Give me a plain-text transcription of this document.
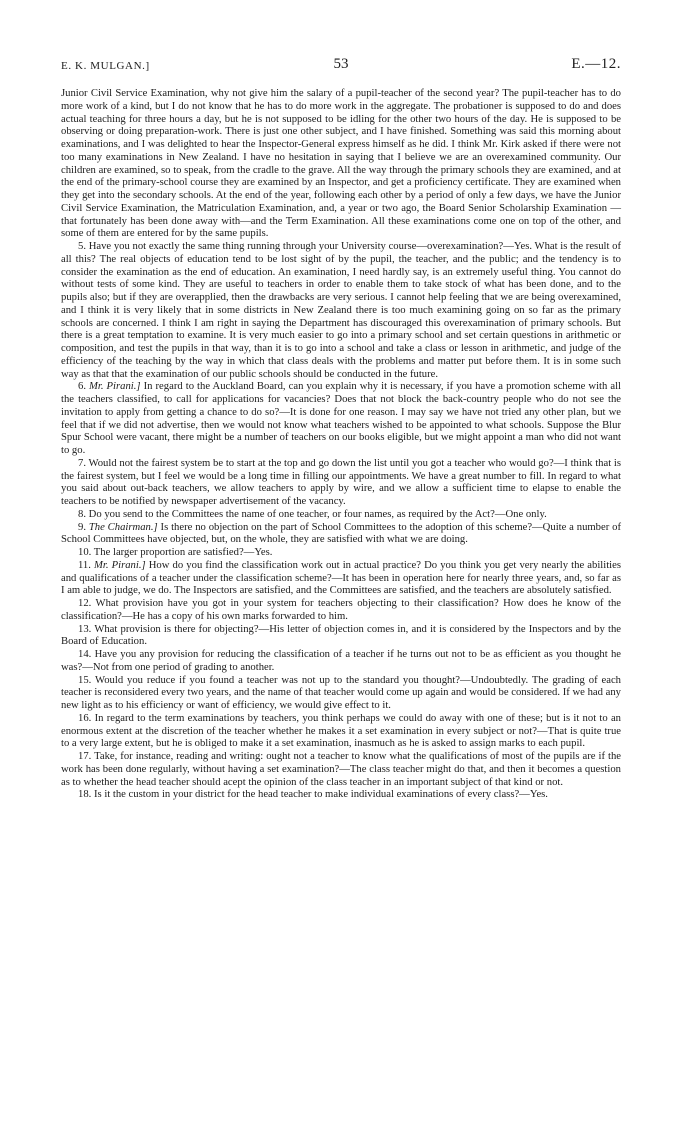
E. K. MULGAN.]	53	E.—12.

Junior Civil Service Examination, why not give him the salary of a pupil-teacher of the second year? The pupil-teacher has to do more work of a kind, but I do not know that he has to do more work in the aggregate. The probationer is supposed to do and does actual teaching for three hours a day, but he is not supposed to be idling for the other two hours of the day. He is supposed to be observing or doing preparation-work. There is just one other subject, and I have finished. Something was said this morning about examinations, and I was delighted to hear the Inspector-General express himself as he did. I think Mr. Kirk asked if there were not too many examinations in New Zealand. I have no hesitation in saying that I believe we are an overexamined community. Our children are examined, so to speak, from the cradle to the grave. All the way through the primary schools they are examined, and at the end of the primary-school course they are examined by an Inspector, and get a proficiency certificate. They are examined when they get into the secondary schools. At the end of the year, following each other by a period of only a few days, we have the Junior Civil Service Examination, the Matriculation Examination, and, a year or two ago, the Board Senior Scholarship Examination —that fortunately has been done away with—and the Term Examination. All these examinations come one on top of the other, and some of them are entered for by the same pupils.

5. Have you not exactly the same thing running through your University course—overexamination?—Yes. What is the result of all this? The real objects of education tend to be lost sight of by the pupil, the teacher, and the public; and the tendency is to consider the examination as the end of education. An examination, I need hardly say, is an extremely useful thing. You cannot do without tests of some kind. They are useful to teachers in order to enable them to take stock of what has been done, and to the pupils also; but if they are overapplied, then the drawbacks are very serious. I cannot help feeling that we are being overexamined, and I think it is very likely that in some districts in New Zealand there is too much examining going on so far as the primary schools are concerned. I think I am right in saying the Department has discouraged this overexamination of primary schools. But there is a great temptation to examine. It is very much easier to go into a primary school and set certain questions in arithmetic or composition, and test the pupils in that way, than it is to go into a school and take a class or lesson in arithmetic, and judge of the efficiency of the teaching by the way in which that class deals with the problems and matter put before them. It is in some such way as that that the examination of our public schools should be conducted in the future.

6. Mr. Pirani.] In regard to the Auckland Board, can you explain why it is necessary, if you have a promotion scheme with all the teachers classified, to call for applications for vacancies? Does that not block the back-country people who do not see the invitation to apply from getting a chance to do so?—It is done for one reason. I may say we have not tried any other plan, but we feel that if we did not advertise, then we would not know what teachers wished to be appointed to what schools. Suppose the Blur Spur School were vacant, there might be a number of teachers on our books eligible, but we might appoint a man who did not want to go.

7. Would not the fairest system be to start at the top and go down the list until you got a teacher who would go?—I think that is the fairest system, but I feel we would be a long time in filling our appointments. We have a great number to fill. In regard to what you said about out-back teachers, we allow teachers to apply by wire, and we allow a sufficient time to elapse to enable the teachers to be notified by newspaper advertisement of the vacancy.

8. Do you send to the Committees the name of one teacher, or four names, as required by the Act?—One only.

9. The Chairman.] Is there no objection on the part of School Committees to the adoption of this scheme?—Quite a number of School Committees have objected, but, on the whole, they are satisfied with what we are doing.

10. The larger proportion are satisfied?—Yes.

11. Mr. Pirani.] How do you find the classification work out in actual practice? Do you think you get very nearly the abilities and qualifications of a teacher under the classification scheme?—It has been in operation here for nearly three years, and, so far as I am able to judge, we do. The Inspectors are satisfied, and the Committees are satisfied, and the teachers are absolutely satisfied.

12. What provision have you got in your system for teachers objecting to their classification? How does he know of the classification?—He has a copy of his own marks forwarded to him.

13. What provision is there for objecting?—His letter of objection comes in, and it is considered by the Inspectors and by the Board of Education.

14. Have you any provision for reducing the classification of a teacher if he turns out not to be as efficient as you thought he was?—Not from one period of grading to another.

15. Would you reduce if you found a teacher was not up to the standard you thought?—Undoubtedly. The grading of each teacher is reconsidered every two years, and the name of that teacher would come up again and would be considered. If we had any new light as to his efficiency or want of efficiency, we would give effect to it.

16. In regard to the term examinations by teachers, you think perhaps we could do away with one of these; but is it not to an enormous extent at the discretion of the teacher whether he makes it a set examination in every subject or not?—That is quite true to a very large extent, but he is obliged to make it a set examination, inasmuch as he is asked to assign marks to each pupil.

17. Take, for instance, reading and writing: ought not a teacher to know what the qualifications of most of the pupils are if the work has been done regularly, without having a set examination?—The class teacher might do that, and then it becomes a question as to whether the head teacher should acept the opinion of the class teacher in an important subject of that kind or not.

18. Is it the custom in your district for the head teacher to make individual examinations of every class?—Yes.
